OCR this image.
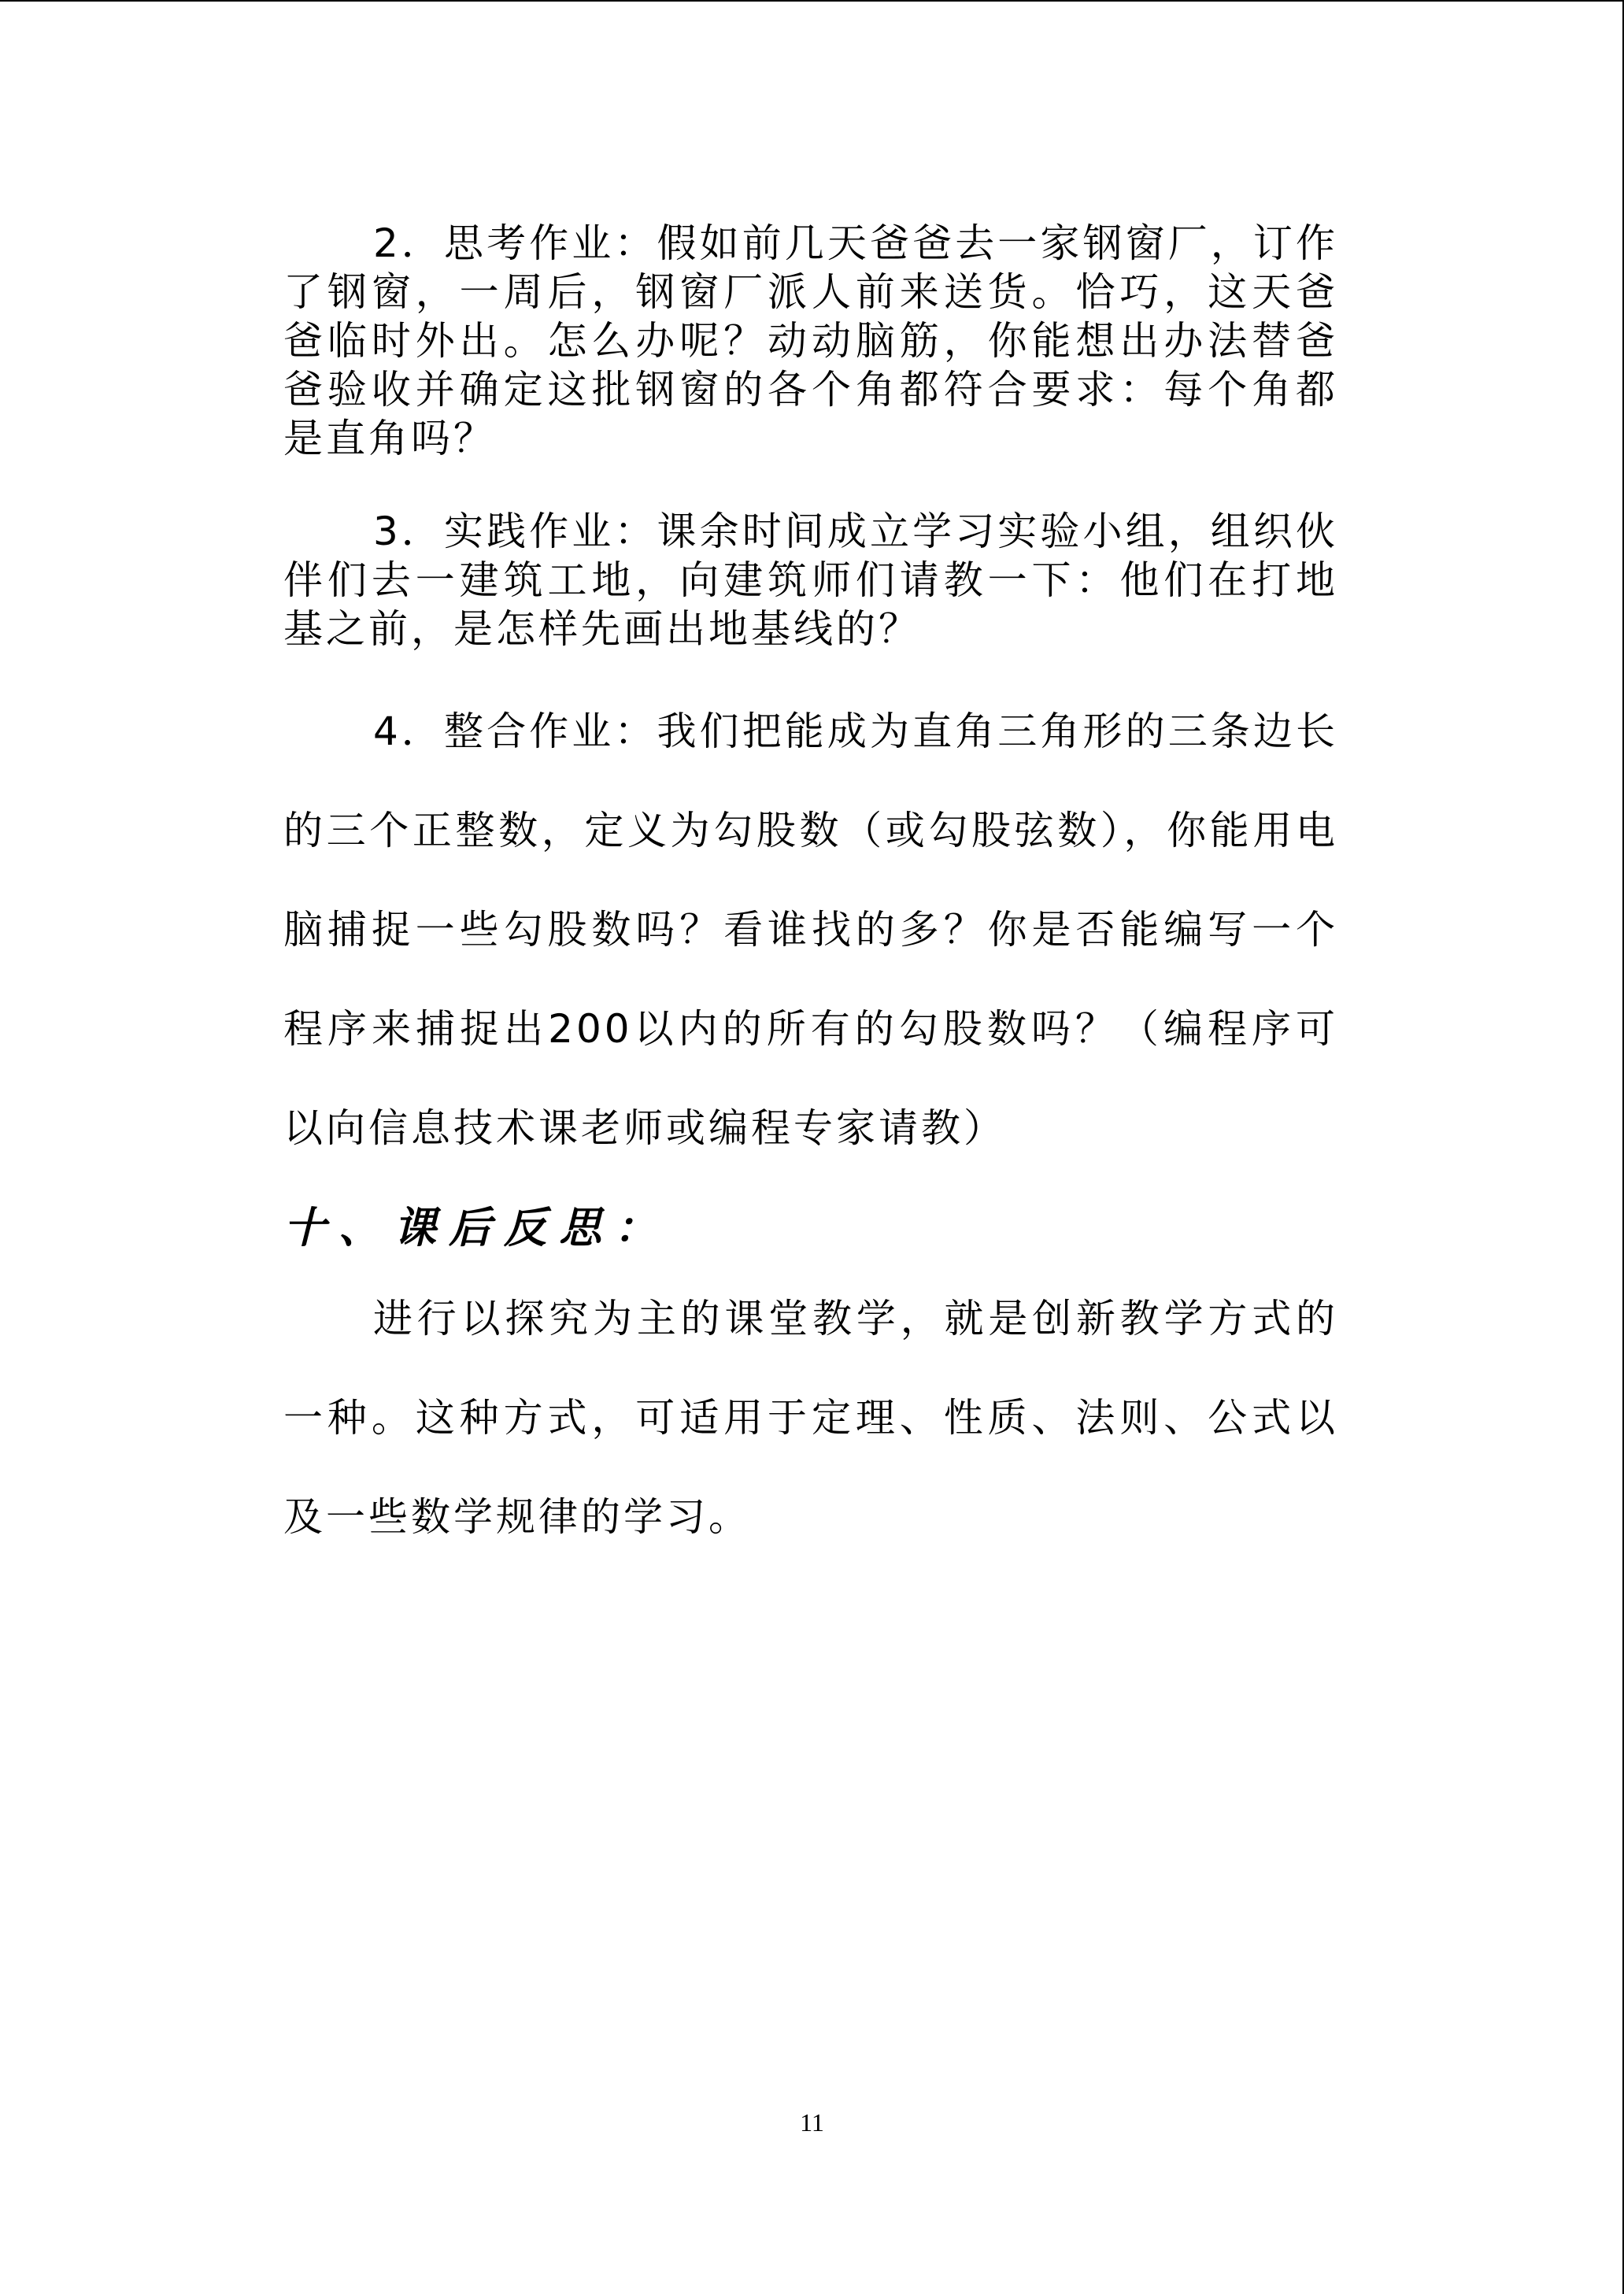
2．思考作业：假如前几天爸爸去一家钢窗厂，订作了钢窗，一周后，钢窗厂派人前来送货。恰巧，这天爸爸临时外出。怎么办呢？动动脑筋，你能想出办法替爸爸验收并确定这批钢窗的各个角都符合要求：每个角都是直角吗？

3．实践作业：课余时间成立学习实验小组，组织伙伴们去一建筑工地，向建筑师们请教一下：他们在打地基之前，是怎样先画出地基线的？

4．整合作业：我们把能成为直角三角形的三条边长的三个正整数，定义为勾股数（或勾股弦数），你能用电脑捕捉一些勾股数吗？看谁找的多？你是否能编写一个程序来捕捉出200以内的所有的勾股数吗？（编程序可以向信息技术课老师或编程专家请教）

十、课后反思：

进行以探究为主的课堂教学，就是创新教学方式的一种。这种方式，可适用于定理、性质、法则、公式以及一些数学规律的学习。

11
